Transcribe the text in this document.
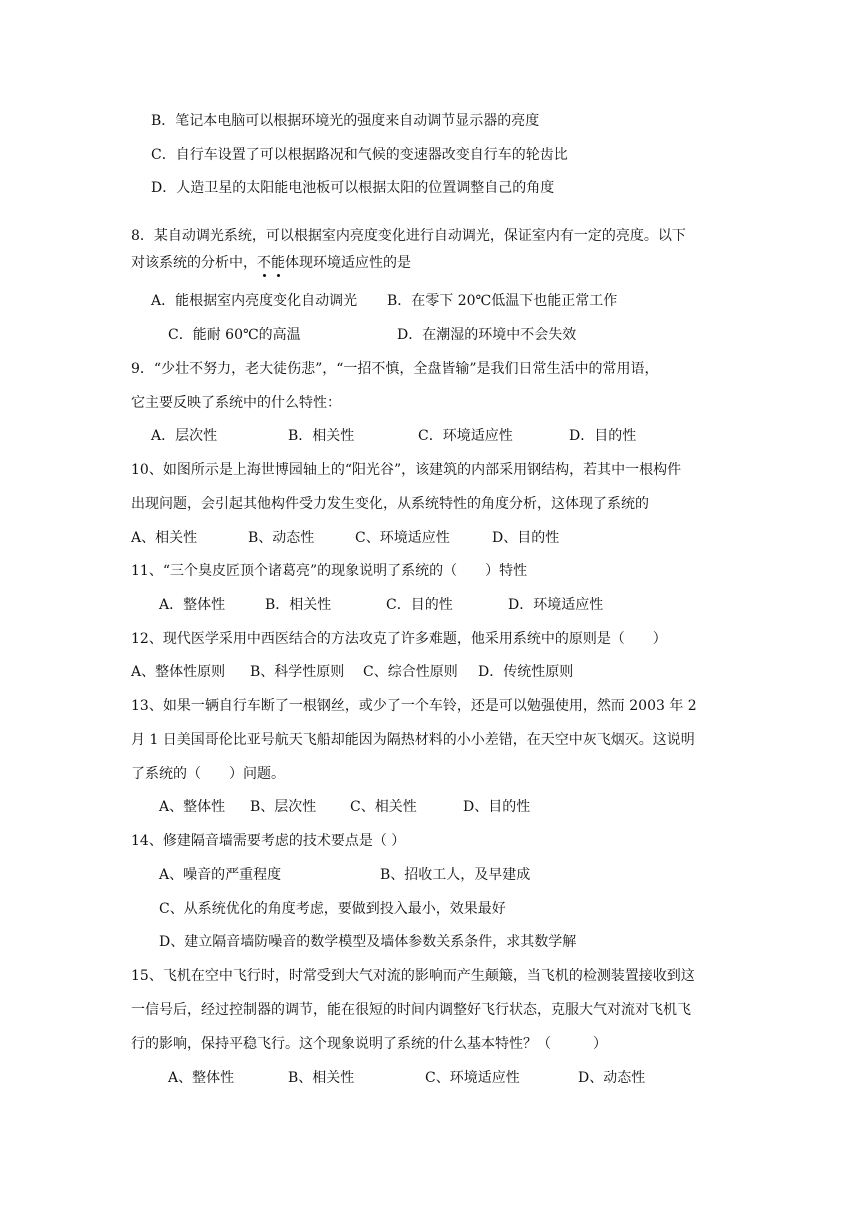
B．笔记本电脑可以根据环境光的强度来自动调节显示器的亮度
C．自行车设置了可以根据路况和气候的变速器改变自行车的轮齿比
D．人造卫星的太阳能电池板可以根据太阳的位置调整自己的角度
8．某自动调光系统，可以根据室内亮度变化进行自动调光，保证室内有一定的亮度。以下
对该系统的分析中，不能体现环境适应性的是
A．能根据室内亮度变化自动调光 B．在零下 20℃低温下也能正常工作
C．能耐 60℃的高温	D．在潮湿的环境中不会失效
9．“少壮不努力，老大徒伤悲”，“一招不慎，全盘皆输”是我们日常生活中的常用语，
它主要反映了系统中的什么特性：
A．层次性	B．相关性	C．环境适应性	D．目的性
10、如图所示是上海世博园轴上的“阳光谷”，该建筑的内部采用钢结构，若其中一根构件
出现问题，会引起其他构件受力发生变化，从系统特性的角度分析，这体现了系统的
A、相关性	B、动态性	C、环境适应性	D、目的性
11、“三个臭皮匠顶个诸葛亮”的现象说明了系统的（　　）特性
A．整体性	B．相关性	C．目的性	D．环境适应性
12、现代医学采用中西医结合的方法攻克了许多难题，他采用系统中的原则是（　　）
A、整体性原则 B、科学性原则 C、综合性原则 D．传统性原则
13、如果一辆自行车断了一根钢丝，或少了一个车铃，还是可以勉强使用，然而 2003 年 2
月 1 日美国哥伦比亚号航天飞船却能因为隔热材料的小小差错，在天空中灰飞烟灭。这说明
了系统的（　　）问题。
A、整体性 B、层次性 C、相关性	D、目的性
14、修建隔音墙需要考虑的技术要点是（ ）
A、噪音的严重程度	B、招收工人，及早建成
C、从系统优化的角度考虑，要做到投入最小，效果最好
D、建立隔音墙防噪音的数学模型及墙体参数关系条件，求其数学解
15、飞机在空中飞行时，时常受到大气对流的影响而产生颠簸，当飞机的检测装置接收到这
一信号后，经过控制器的调节，能在很短的时间内调整好飞行状态，克服大气对流对飞机飞
行的影响，保持平稳飞行。这个现象说明了系统的什么基本特性？（　　　）
A、整体性	B、相关性	C、环境适应性	D、动态性
